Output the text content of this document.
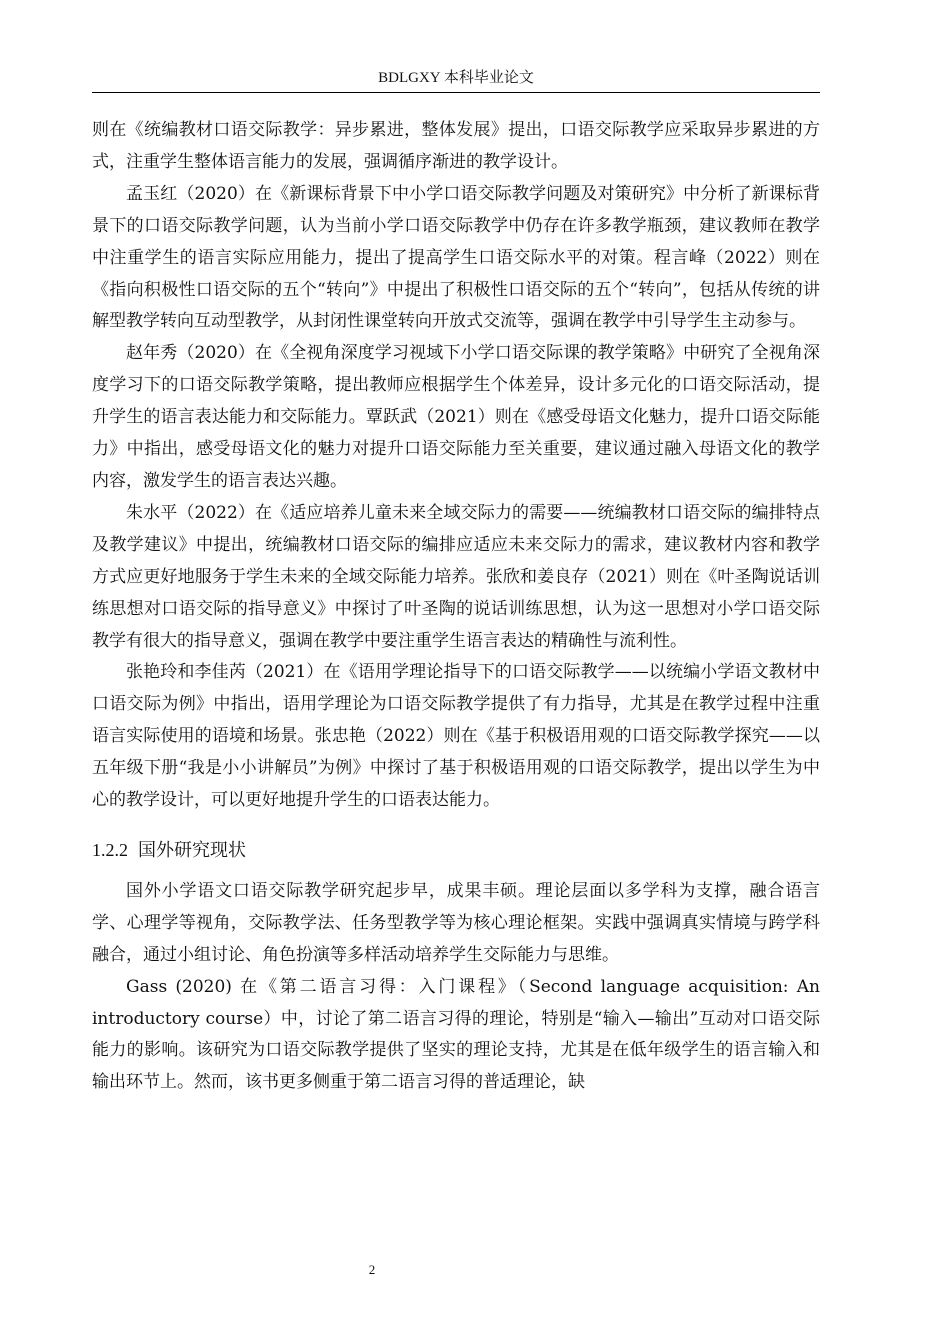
BDLGXY 本科毕业论文

则在《统编教材口语交际教学：异步累进，整体发展》提出，口语交际教学应采取异步累进的方式，注重学生整体语言能力的发展，强调循序渐进的教学设计。

孟玉红（2020）在《新课标背景下中小学口语交际教学问题及对策研究》中分析了新课标背景下的口语交际教学问题，认为当前小学口语交际教学中仍存在许多教学瓶颈，建议教师在教学中注重学生的语言实际应用能力，提出了提高学生口语交际水平的对策。程言峰（2022）则在《指向积极性口语交际的五个“转向”》中提出了积极性口语交际的五个“转向”，包括从传统的讲解型教学转向互动型教学，从封闭性课堂转向开放式交流等，强调在教学中引导学生主动参与。

赵年秀（2020）在《全视角深度学习视域下小学口语交际课的教学策略》中研究了全视角深度学习下的口语交际教学策略，提出教师应根据学生个体差异，设计多元化的口语交际活动，提升学生的语言表达能力和交际能力。覃跃武（2021）则在《感受母语文化魅力，提升口语交际能力》中指出，感受母语文化的魅力对提升口语交际能力至关重要，建议通过融入母语文化的教学内容，激发学生的语言表达兴趣。

朱水平（2022）在《适应培养儿童未来全域交际力的需要——统编教材口语交际的编排特点及教学建议》中提出，统编教材口语交际的编排应适应未来交际力的需求，建议教材内容和教学方式应更好地服务于学生未来的全域交际能力培养。张欣和姜良存（2021）则在《叶圣陶说话训练思想对口语交际的指导意义》中探讨了叶圣陶的说话训练思想，认为这一思想对小学口语交际教学有很大的指导意义，强调在教学中要注重学生语言表达的精确性与流利性。

张艳玲和李佳芮（2021）在《语用学理论指导下的口语交际教学——以统编小学语文教材中口语交际为例》中指出，语用学理论为口语交际教学提供了有力指导，尤其是在教学过程中注重语言实际使用的语境和场景。张忠艳（2022）则在《基于积极语用观的口语交际教学探究——以五年级下册“我是小小讲解员”为例》中探讨了基于积极语用观的口语交际教学，提出以学生为中心的教学设计，可以更好地提升学生的口语表达能力。

1.2.2 国外研究现状

国外小学语文口语交际教学研究起步早，成果丰硕。理论层面以多学科为支撑，融合语言学、心理学等视角，交际教学法、任务型教学等为核心理论框架。实践中强调真实情境与跨学科融合，通过小组讨论、角色扮演等多样活动培养学生交际能力与思维。

Gass (2020) 在《第二语言习得：入门课程》（Second language acquisition: An introductory course）中，讨论了第二语言习得的理论，特别是“输入—输出”互动对口语交际能力的影响。该研究为口语交际教学提供了坚实的理论支持，尤其是在低年级学生的语言输入和输出环节上。然而，该书更多侧重于第二语言习得的普适理论，缺

2
